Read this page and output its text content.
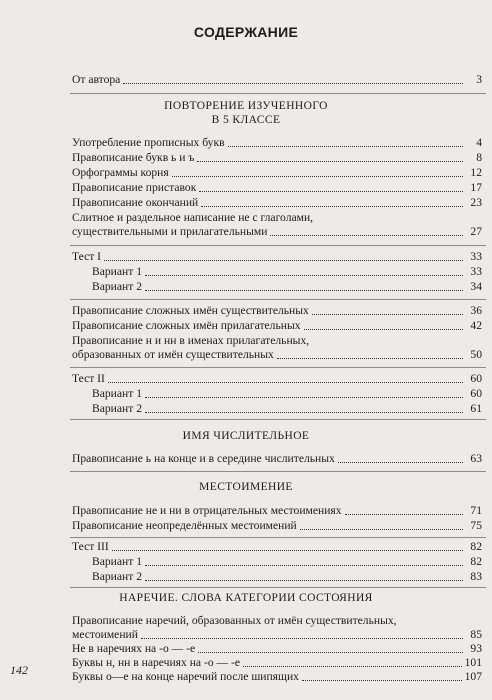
СОДЕРЖАНИЕ
От автора	3
ПОВТОРЕНИЕ ИЗУЧЕННОГО
В 5 КЛАССЕ
Употребление прописных букв	4
Правописание букв ь и ъ	8
Орфограммы корня	12
Правописание приставок	17
Правописание окончаний	23
Слитное и раздельное написание не с глаголами,
существительными и прилагательными	27
Тест I	33
Вариант 1	33
Вариант 2	34
Правописание сложных имён существительных	36
Правописание сложных имён прилагательных	42
Правописание н и нн в именах прилагательных,
образованных от имён существительных	50
Тест II	60
Вариант 1	60
Вариант 2	61
ИМЯ ЧИСЛИТЕЛЬНОЕ
Правописание ь на конце и в середине числительных	63
МЕСТОИМЕНИЕ
Правописание не и ни в отрицательных местоимениях	71
Правописание неопределённых местоимений	75
Тест III	82
Вариант 1	82
Вариант 2	83
НАРЕЧИЕ. СЛОВА КАТЕГОРИИ СОСТОЯНИЯ
Правописание наречий, образованных от имён существительных,
местоимений	85
Не в наречиях на -о — -е	93
Буквы н, нн в наречиях на -о — -е	101
Буквы о—е на конце наречий после шипящих	107
142
